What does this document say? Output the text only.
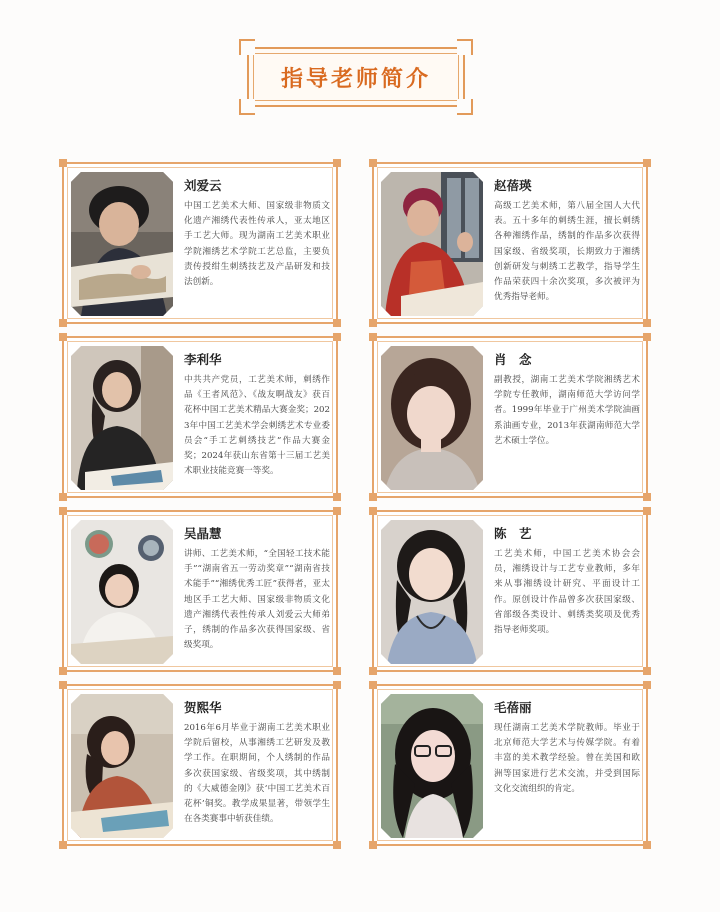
指导老师简介
刘爱云
中国工艺美术大师、国家级非物质文化遗产湘绣代表性传承人，亚太地区手工艺大师。现为湖南工艺美术职业学院湘绣艺术学院工艺总监，主要负责传授绀生刺绣技艺及产品研发和技法创新。
赵蓓瑛
高级工艺美术师，第八届全国人大代表。五十多年的刺绣生涯，擅长刺绣各种湘绣作品，绣制的作品多次获得国家级、省级奖项，长期致力于湘绣创新研发与刺绣工艺教学，指导学生作品荣获四十余次奖项，多次被评为优秀指导老师。
李利华
中共共产党员，工艺美术师，刺绣作品《王者风范》、《战友啊战友》获百花杯中国工艺美术精品大赛金奖；2023年中国工艺美术学会刺绣艺术专业委员会“手工艺刺绣技艺”作品大赛金奖；2024年获山东省第十三届工艺美术职业技能竞赛一等奖。
肖　念
副教授，湖南工艺美术学院湘绣艺术学院专任教师，湖南师范大学访问学者。1999年毕业于广州美术学院油画系油画专业，2013年获湖南师范大学艺术硕士学位。
吴晶慧
讲师、工艺美术师，“全国轻工技术能手”“湖南省五一劳动奖章”“湖南省技术能手”“湘绣优秀工匠”获得者，亚太地区手工艺大师、国家级非物质文化遗产湘绣代表性传承人刘爱云大师弟子，绣制的作品多次获得国家级、省级奖项。
陈　艺
工艺美术师，中国工艺美术协会会员，湘绣设计与工艺专业教师，多年来从事湘绣设计研究、平面设计工作。原创设计作品曾多次获国家级、省部级各类设计、刺绣类奖项及优秀指导老师奖项。
贺熙华
2016年6月毕业于湖南工艺美术职业学院后留校，从事湘绣工艺研发及教学工作。在职期间，个人绣制的作品多次获国家级、省级奖项，其中绣制的《大威德金刚》获‘中国工艺美术百花杯’铜奖。教学成果显著，带领学生在各类赛事中斩获佳绩。
毛蓓丽
现任湖南工艺美术学院教师。毕业于北京师范大学艺术与传媒学院。有着丰富的美术教学经验。曾在美国和欧洲等国家进行艺术交流，并受到国际文化交流组织的肯定。
